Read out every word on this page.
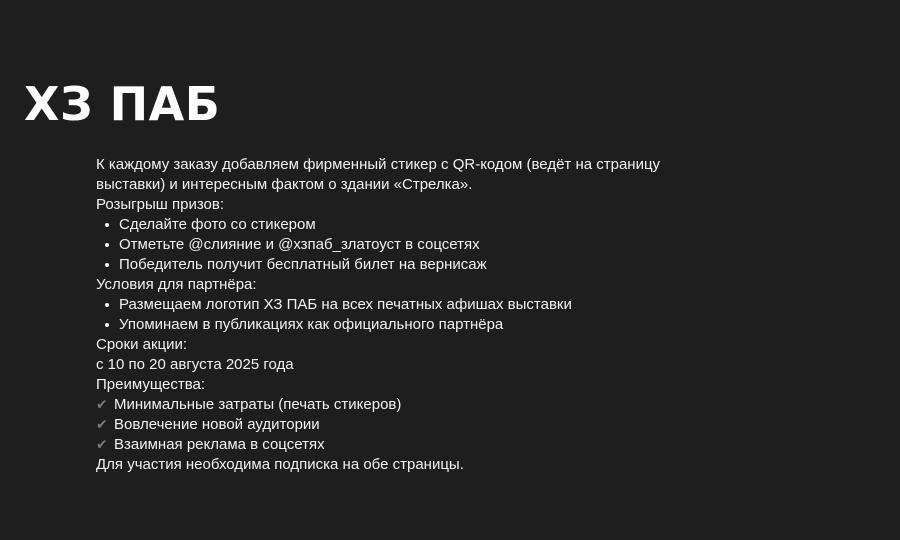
ХЗ ПАБ

К каждому заказу добавляем фирменный стикер с QR-кодом (ведёт на страницу выставки) и интересным фактом о здании «Стрелка».

Розыгрыш призов:

Сделайте фото со стикером
Отметьте @слияние и @хзпаб_златоуст в соцсетях
Победитель получит бесплатный билет на вернисаж

Условия для партнёра:

Размещаем логотип ХЗ ПАБ на всех печатных афишах выставки
Упоминаем в публикациях как официального партнёра

Сроки акции:

с 10 по 20 августа 2025 года

Преимущества:

✔ Минимальные затраты (печать стикеров)
✔ Вовлечение новой аудитории
✔ Взаимная реклама в соцсетях

Для участия необходима подписка на обе страницы.
